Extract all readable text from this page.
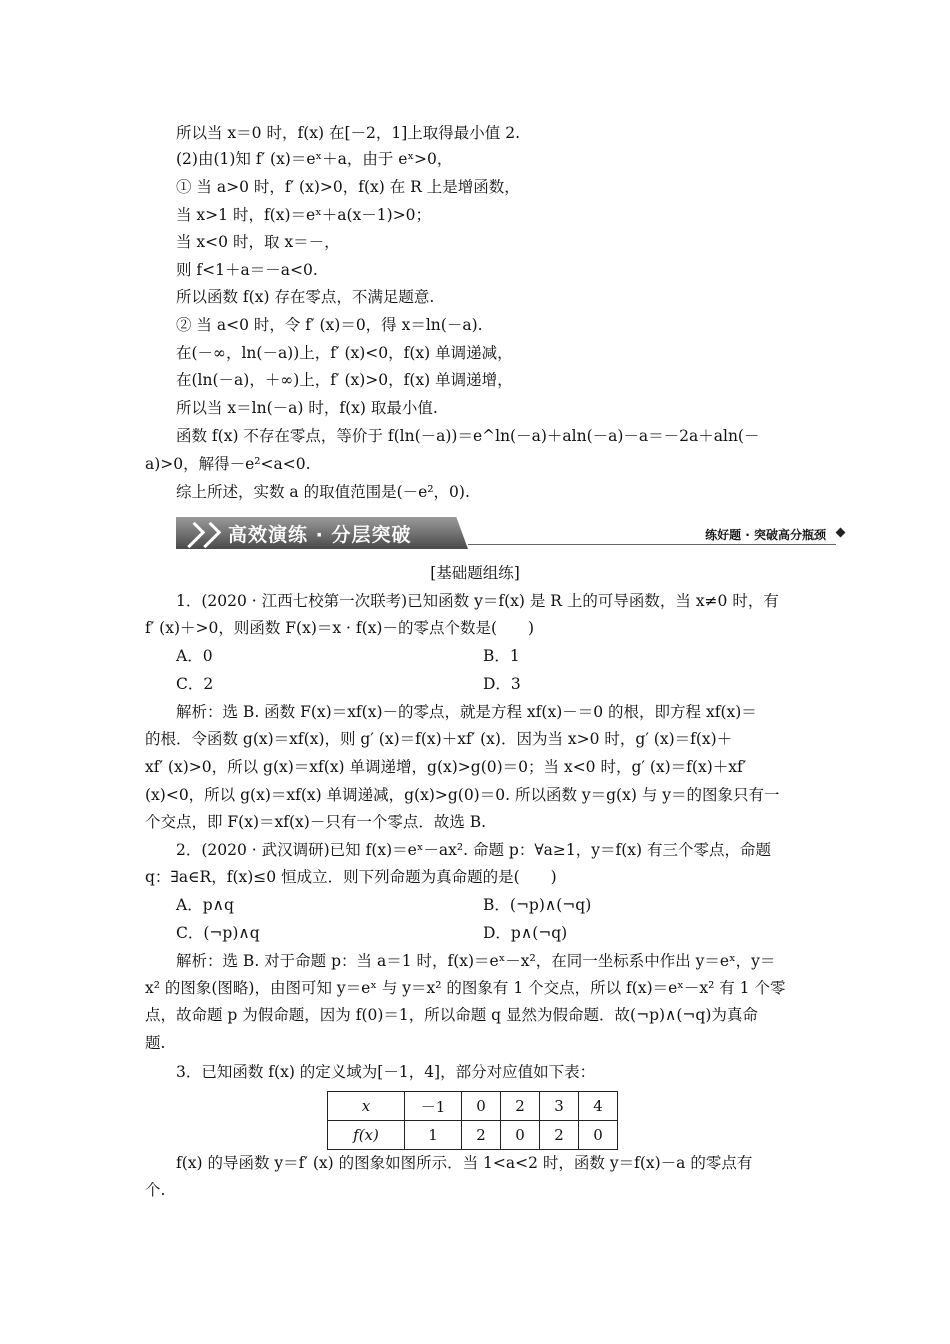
所以当 x＝0 时，f(x) 在[－2，1]上取得最小值 2.
(2)由(1)知 f′ (x)＝eˣ＋a，由于 eˣ>0，
① 当 a>0 时，f′ (x)>0，f(x) 在 R 上是增函数，
当 x>1 时，f(x)＝eˣ＋a(x－1)>0；
当 x<0 时，取 x＝－，
则 f<1＋a＝－a<0.
所以函数 f(x) 存在零点，不满足题意.
② 当 a<0 时，令 f′ (x)＝0，得 x＝ln(－a).
在(－∞，ln(－a))上，f′ (x)<0，f(x) 单调递减，
在(ln(－a)，＋∞)上，f′ (x)>0，f(x) 单调递增，
所以当 x＝ln(－a) 时，f(x) 取最小值.
函数 f(x) 不存在零点，等价于 f(ln(－a))＝e^ln(－a)＋aln(－a)－a＝－2a＋aln(－
a)>0，解得－e²<a<0.
综上所述，实数 a 的取值范围是(－e²，0).
高效演练 · 分层突破	练好题 · 突破高分瓶颈
[基础题组练]
1．(2020 · 江西七校第一次联考)已知函数 y＝f(x) 是 R 上的可导函数，当 x≠0 时，有
f′ (x)＋>0，则函数 F(x)＝x · f(x)－的零点个数是(　　)
A．0	B．1
C．2	D．3
解析：选 B. 函数 F(x)＝xf(x)－的零点，就是方程 xf(x)－＝0 的根，即方程 xf(x)＝
的根．令函数 g(x)＝xf(x)，则 g′ (x)＝f(x)＋xf′ (x)．因为当 x>0 时，g′ (x)＝f(x)＋
xf′ (x)>0，所以 g(x)＝xf(x) 单调递增，g(x)>g(0)＝0；当 x<0 时，g′ (x)＝f(x)＋xf′
(x)<0，所以 g(x)＝xf(x) 单调递减，g(x)>g(0)＝0. 所以函数 y＝g(x) 与 y＝的图象只有一
个交点，即 F(x)＝xf(x)－只有一个零点．故选 B.
2．(2020 · 武汉调研)已知 f(x)＝eˣ－ax². 命题 p：∀a≥1，y＝f(x) 有三个零点，命题
q：∃a∈R，f(x)≤0 恒成立．则下列命题为真命题的是(　　)
A．p∧q	B．(¬p)∧(¬q)
C．(¬p)∧q	D．p∧(¬q)
解析：选 B. 对于命题 p：当 a＝1 时，f(x)＝eˣ－x²，在同一坐标系中作出 y＝eˣ，y＝
x² 的图象(图略)，由图可知 y＝eˣ 与 y＝x² 的图象有 1 个交点，所以 f(x)＝eˣ－x² 有 1 个零
点，故命题 p 为假命题，因为 f(0)＝1，所以命题 q 显然为假命题．故(¬p)∧(¬q)为真命
题.
3．已知函数 f(x) 的定义域为[－1，4]，部分对应值如下表：
x	－1	0	2	3	4
f(x)	1	2	0	2	0
f(x) 的导函数 y＝f′ (x) 的图象如图所示．当 1<a<2 时，函数 y＝f(x)－a 的零点有
个.
